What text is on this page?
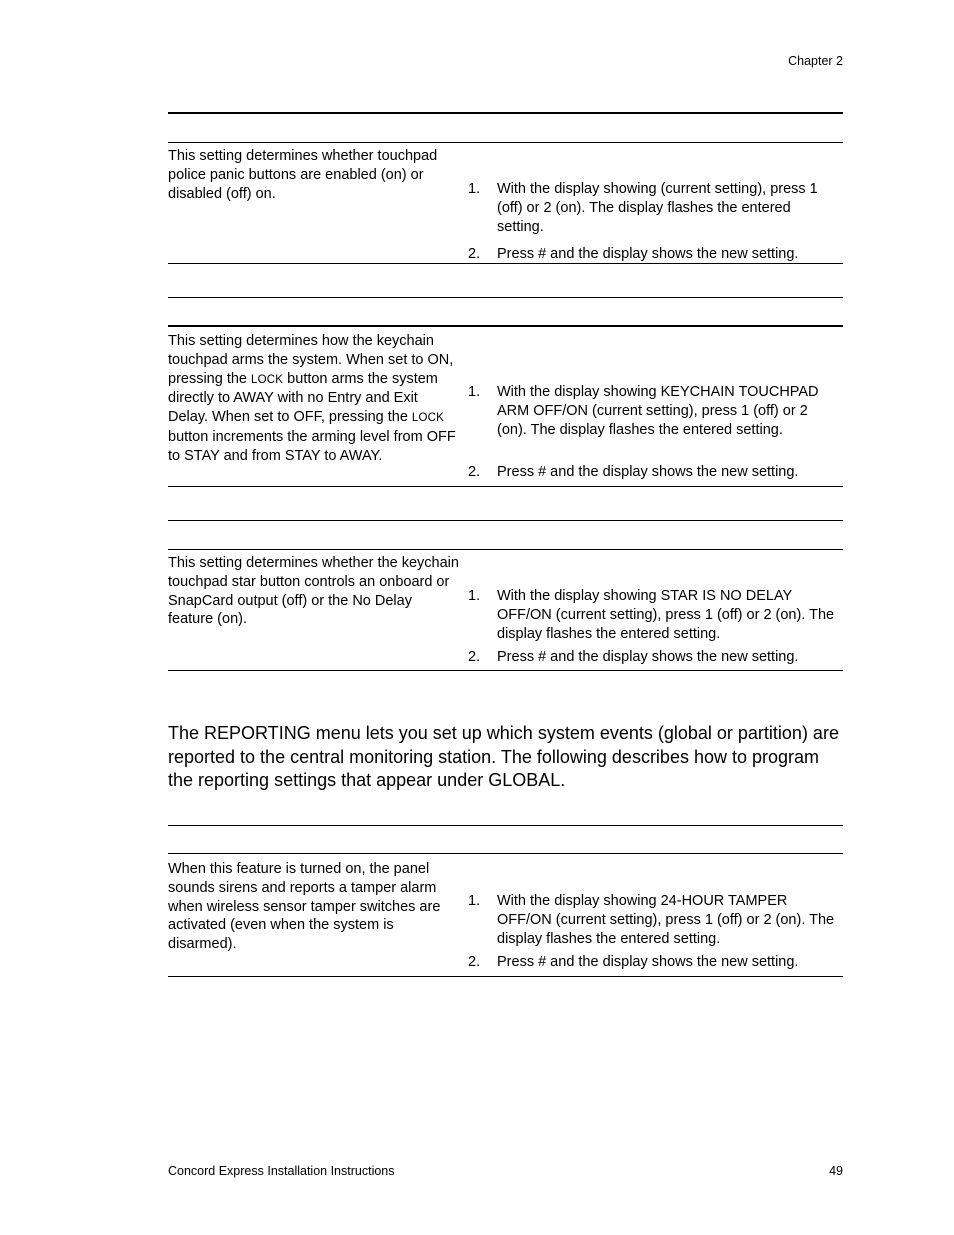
Chapter 2
This setting determines whether touchpad police panic buttons are enabled (on) or disabled (off) on.	1. With the display showing (current setting), press 1 (off) or 2 (on). The display flashes the entered setting.
2. Press # and the display shows the new setting.
This setting determines how the keychain touchpad arms the system. When set to ON, pressing the LOCK button arms the system directly to AWAY with no Entry and Exit Delay. When set to OFF, pressing the LOCK button increments the arming level from OFF to STAY and from STAY to AWAY.
1. With the display showing KEYCHAIN TOUCHPAD ARM OFF/ON (current setting), press 1 (off) or 2 (on). The display flashes the entered setting.
2. Press # and the display shows the new setting.
This setting determines whether the keychain touchpad star button controls an onboard or SnapCard output (off) or the No Delay feature (on).
1. With the display showing STAR IS NO DELAY OFF/ON (current setting), press 1 (off) or 2 (on). The display flashes the entered setting.
2. Press # and the display shows the new setting.
The REPORTING menu lets you set up which system events (global or partition) are reported to the central monitoring station. The following describes how to program the reporting settings that appear under GLOBAL.
When this feature is turned on, the panel sounds sirens and reports a tamper alarm when wireless sensor tamper switches are activated (even when the system is disarmed).
1. With the display showing 24-HOUR TAMPER OFF/ON (current setting), press 1 (off) or 2 (on). The display flashes the entered setting.
2. Press # and the display shows the new setting.
Concord Express Installation Instructions	49
